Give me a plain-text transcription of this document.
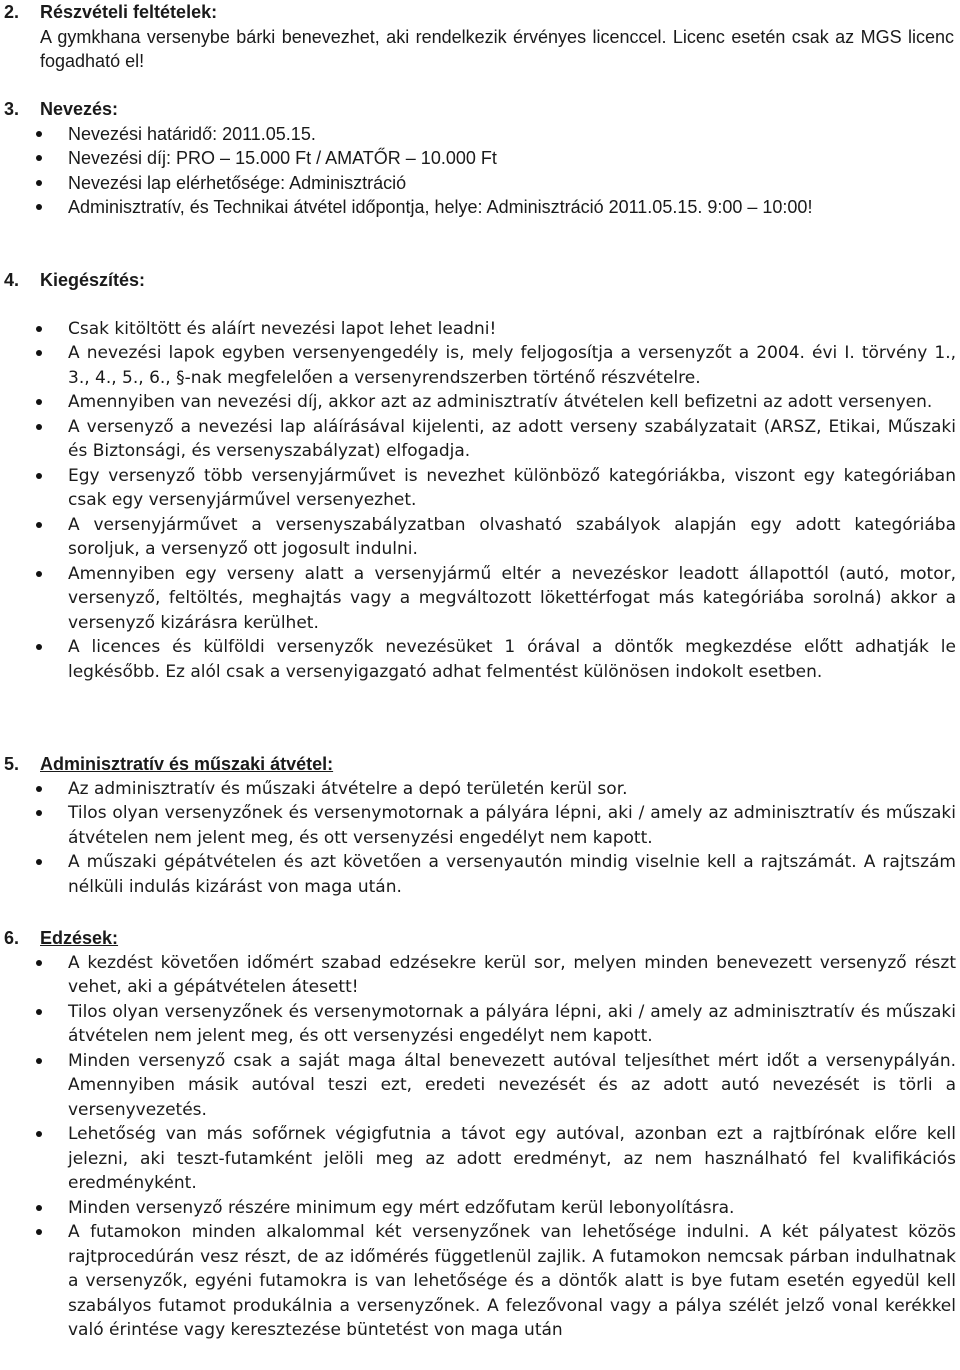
2. Részvételi feltételek:
A gymkhana versenybe bárki benevezhet, aki rendelkezik érvényes licenccel. Licenc esetén csak az MGS licenc fogadható el!
3. Nevezés:
Nevezési határidő: 2011.05.15.
Nevezési díj: PRO – 15.000 Ft / AMATŐR – 10.000 Ft
Nevezési lap elérhetősége: Adminisztráció
Adminisztratív, és Technikai átvétel időpontja, helye: Adminisztráció 2011.05.15. 9:00 – 10:00!
4. Kiegészítés:
Csak kitöltött és aláírt nevezési lapot lehet leadni!
A nevezési lapok egyben versenyengedély is, mely feljogosítja a versenyzőt a 2004. évi I. törvény 1., 3., 4., 5., 6., §-nak megfelelően a versenyrendszerben történő részvételre.
Amennyiben van nevezési díj, akkor azt az adminisztratív átvételen kell befizetni az adott versenyen.
A versenyző a nevezési lap aláírásával kijelenti, az adott verseny szabályzatait (ARSZ, Etikai, Műszaki és Biztonsági, és versenyszabályzat) elfogadja.
Egy versenyző több versenyjárművet is nevezhet különböző kategóriákba, viszont egy kategóriában csak egy versenyjárművel versenyezhet.
A versenyjárművet a versenyszabályzatban olvasható szabályok alapján egy adott kategóriába soroljuk, a versenyző ott jogosult indulni.
Amennyiben egy verseny alatt a versenyjármű eltér a nevezéskor leadott állapottól (autó, motor, versenyző, feltöltés, meghajtás vagy a megváltozott lökettérfogat más kategóriába sorolná) akkor a versenyző kizárásra kerülhet.
A licences és külföldi versenyzők nevezésüket 1 órával a döntők megkezdése előtt adhatják le legkésőbb. Ez alól csak a versenyigazgató adhat felmentést különösen indokolt esetben.
5. Adminisztratív és műszaki átvétel:
Az adminisztratív és műszaki átvételre a depó területén kerül sor.
Tilos olyan versenyzőnek és versenymotornak a pályára lépni, aki / amely az adminisztratív és műszaki átvételen nem jelent meg, és ott versenyzési engedélyt nem kapott.
A műszaki gépátvételen és azt követően a versenyautón mindig viselnie kell a rajtszámát. A rajtszám nélküli indulás kizárást von maga után.
6. Edzések:
A kezdést követően időmért szabad edzésekre kerül sor, melyen minden benevezett versenyző részt vehet, aki a gépátvételen átesett!
Tilos olyan versenyzőnek és versenymotornak a pályára lépni, aki / amely az adminisztratív és műszaki átvételen nem jelent meg, és ott versenyzési engedélyt nem kapott.
Minden versenyző csak a saját maga által benevezett autóval teljesíthet mért időt a versenypályán. Amennyiben másik autóval teszi ezt, eredeti nevezését és az adott autó nevezését is törli a versenyvezetés.
Lehetőség van más sofőrnek végigfutnia a távot egy autóval, azonban ezt a rajtbírónak előre kell jelezni, aki teszt-futamként jelöli meg az adott eredményt, az nem használható fel kvalifikációs eredményként.
Minden versenyző részére minimum egy mért edzőfutam kerül lebonyolításra.
A futamokon minden alkalommal két versenyzőnek van lehetősége indulni. A két pályatest közös rajtprocedúrán vesz részt, de az időmérés függetlenül zajlik. A futamokon nemcsak párban indulhatnak a versenyzők, egyéni futamokra is van lehetősége és a döntők alatt is bye futam esetén egyedül kell szabályos futamot produkálnia a versenyzőnek. A felezővonal vagy a pálya szélét jelző vonal kerékkel való érintése vagy keresztezése büntetést von maga után
